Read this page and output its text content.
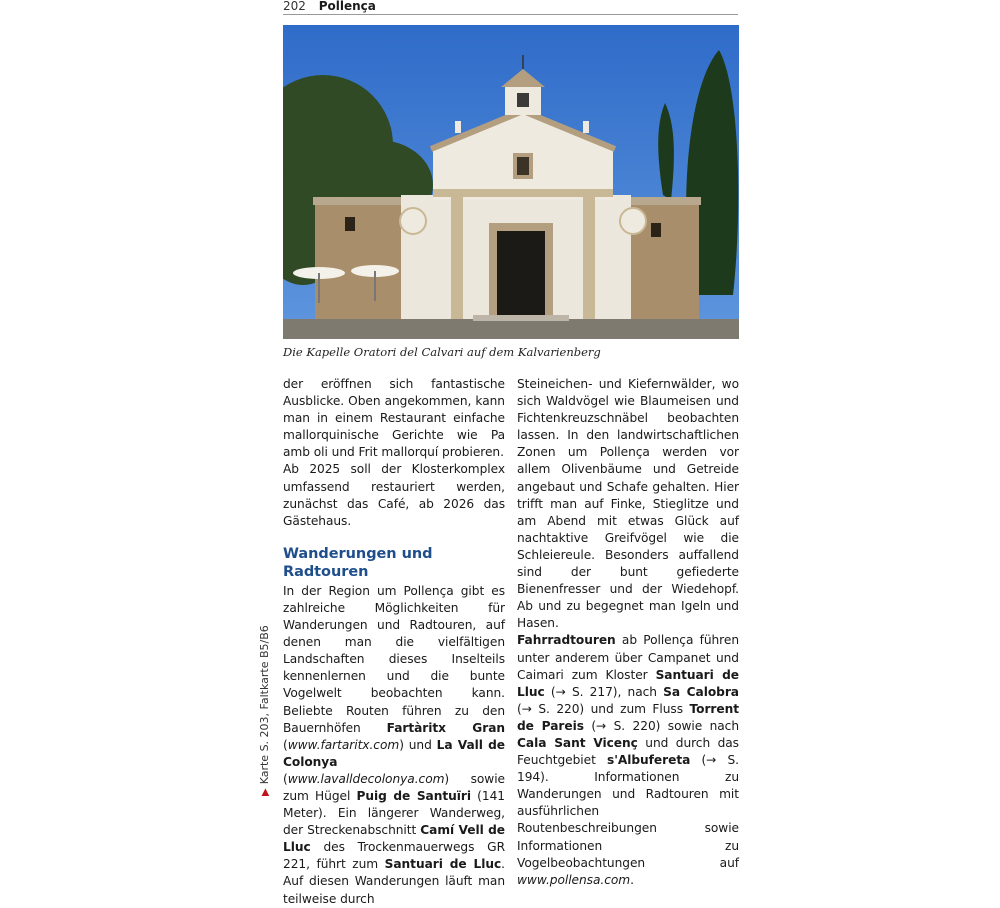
202 Pollença
Die Kapelle Oratori del Calvari auf dem Kalvarienberg

der eröffnen sich fantastische Ausblicke. Oben angekommen, kann man in einem Restaurant einfache mallorquinische Gerichte wie Pa amb oli und Frit mallorquí probieren.

Ab 2025 soll der Klosterkomplex umfassend restauriert werden, zunächst das Café, ab 2026 das Gästehaus.

Wanderungen und Radtouren

In der Region um Pollença gibt es zahlreiche Möglichkeiten für Wanderungen und Radtouren, auf denen man die vielfältigen Landschaften dieses Inselteils kennenlernen und die bunte Vogelwelt beobachten kann. Beliebte Routen führen zu den Bauernhöfen Fartàritx Gran (www.fartaritx.com) und La Vall de Colonya (www.lavalldecolonya.com) sowie zum Hügel Puig de Santuïri (141 Meter). Ein längerer Wanderweg, der Streckenabschnitt Camí Vell de Lluc des Trockenmauerwegs GR 221, führt zum Santuari de Lluc. Auf diesen Wanderungen läuft man teilweise durch

Steineichen- und Kiefernwälder, wo sich Waldvögel wie Blaumeisen und Fichtenkreuzschnäbel beobachten lassen. In den landwirtschaftlichen Zonen um Pollença werden vor allem Olivenbäume und Getreide angebaut und Schafe gehalten. Hier trifft man auf Finke, Stieglitze und am Abend mit etwas Glück auf nachtaktive Greifvögel wie die Schleiereule. Besonders auffallend sind der bunt gefiederte Bienenfresser und der Wiedehopf. Ab und zu begegnet man Igeln und Hasen.

Fahrradtouren ab Pollença führen unter anderem über Campanet und Caimari zum Kloster Santuari de Lluc (→ S. 217), nach Sa Calobra (→ S. 220) und zum Fluss Torrent de Pareis (→ S. 220) sowie nach Cala Sant Vicenç und durch das Feuchtgebiet s'Albufereta (→ S. 194). Informationen zu Wanderungen und Radtouren mit ausführlichen Routenbeschreibungen sowie Informationen zu Vogelbeobachtungen auf www.pollensa.com.

▶Karte S. 203, Faltkarte B5/B6
